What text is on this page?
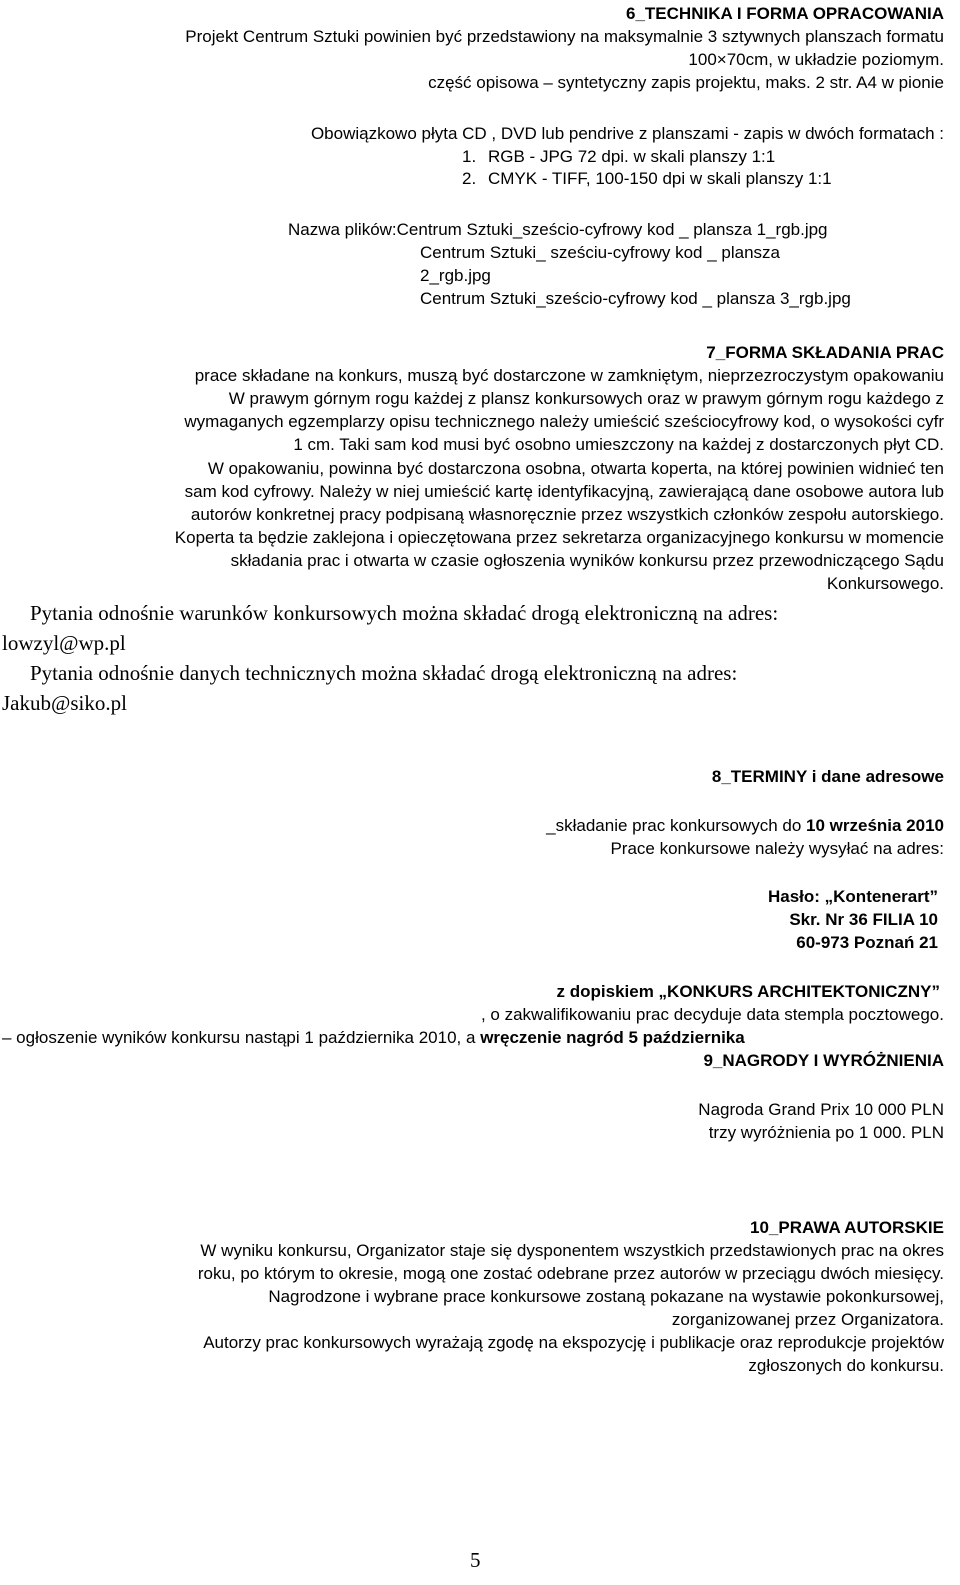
6_TECHNIKA I FORMA OPRACOWANIA
Projekt Centrum Sztuki powinien być przedstawiony na maksymalnie 3 sztywnych planszach formatu
100×70cm, w układzie poziomym.
część opisowa – syntetyczny zapis projektu, maks. 2 str. A4 w pionie
Obowiązkowo płyta CD , DVD lub pendrive z planszami - zapis w dwóch formatach :
1. RGB - JPG 72 dpi. w skali planszy 1:1
2. CMYK - TIFF, 100-150 dpi w skali planszy 1:1
Nazwa plików:Centrum Sztuki_sześcio-cyfrowy kod _ plansza 1_rgb.jpg
Centrum Sztuki_ sześciu-cyfrowy kod _ plansza
2_rgb.jpg
Centrum Sztuki_sześcio-cyfrowy kod _ plansza 3_rgb.jpg
7_FORMA SKŁADANIA PRAC
prace składane na konkurs, muszą być dostarczone w zamkniętym, nieprzezroczystym opakowaniu
W prawym górnym rogu każdej z plansz konkursowych oraz w prawym górnym rogu każdego z
wymaganych egzemplarzy opisu technicznego należy umieścić sześciocyfrowy kod, o wysokości cyfr
1 cm. Taki sam kod musi być osobno umieszczony na każdej z dostarczonych płyt CD.
W opakowaniu, powinna być dostarczona osobna, otwarta koperta, na której powinien widnieć ten
sam kod cyfrowy. Należy w niej umieścić kartę identyfikacyjną, zawierającą dane osobowe autora lub
autorów konkretnej pracy podpisaną własnoręcznie przez wszystkich członków zespołu autorskiego.
Koperta ta będzie zaklejona i opieczętowana przez sekretarza organizacyjnego konkursu w momencie
składania prac i otwarta w czasie ogłoszenia wyników konkursu przez przewodniczącego Sądu
Konkursowego.
Pytania odnośnie warunków konkursowych można składać drogą elektroniczną na adres:
lowzyl@wp.pl
Pytania odnośnie danych technicznych można składać drogą elektroniczną na adres:
Jakub@siko.pl
8_TERMINY i dane adresowe
_składanie prac konkursowych do 10 września 2010
Prace konkursowe należy wysyłać na adres:
Hasło: „Kontenerart”
Skr. Nr 36 FILIA 10
60-973 Poznań 21
z dopiskiem „KONKURS ARCHITEKTONICZNY”
, o zakwalifikowaniu prac decyduje data stempla pocztowego.
– ogłoszenie wyników konkursu nastąpi 1 października 2010, a wręczenie nagród 5 października
9_NAGRODY I WYRÓŻNIENIA
Nagroda Grand Prix 10 000 PLN
trzy wyróżnienia po 1 000. PLN
10_PRAWA AUTORSKIE
W wyniku konkursu, Organizator staje się dysponentem wszystkich przedstawionych prac na okres
roku, po którym to okresie, mogą one zostać odebrane przez autorów w przeciągu dwóch miesięcy.
Nagrodzone i wybrane prace konkursowe zostaną pokazane na wystawie pokonkursowej,
zorganizowanej przez Organizatora.
Autorzy prac konkursowych wyrażają zgodę na ekspozycję i publikacje oraz reprodukcje projektów
zgłoszonych do konkursu.
5
